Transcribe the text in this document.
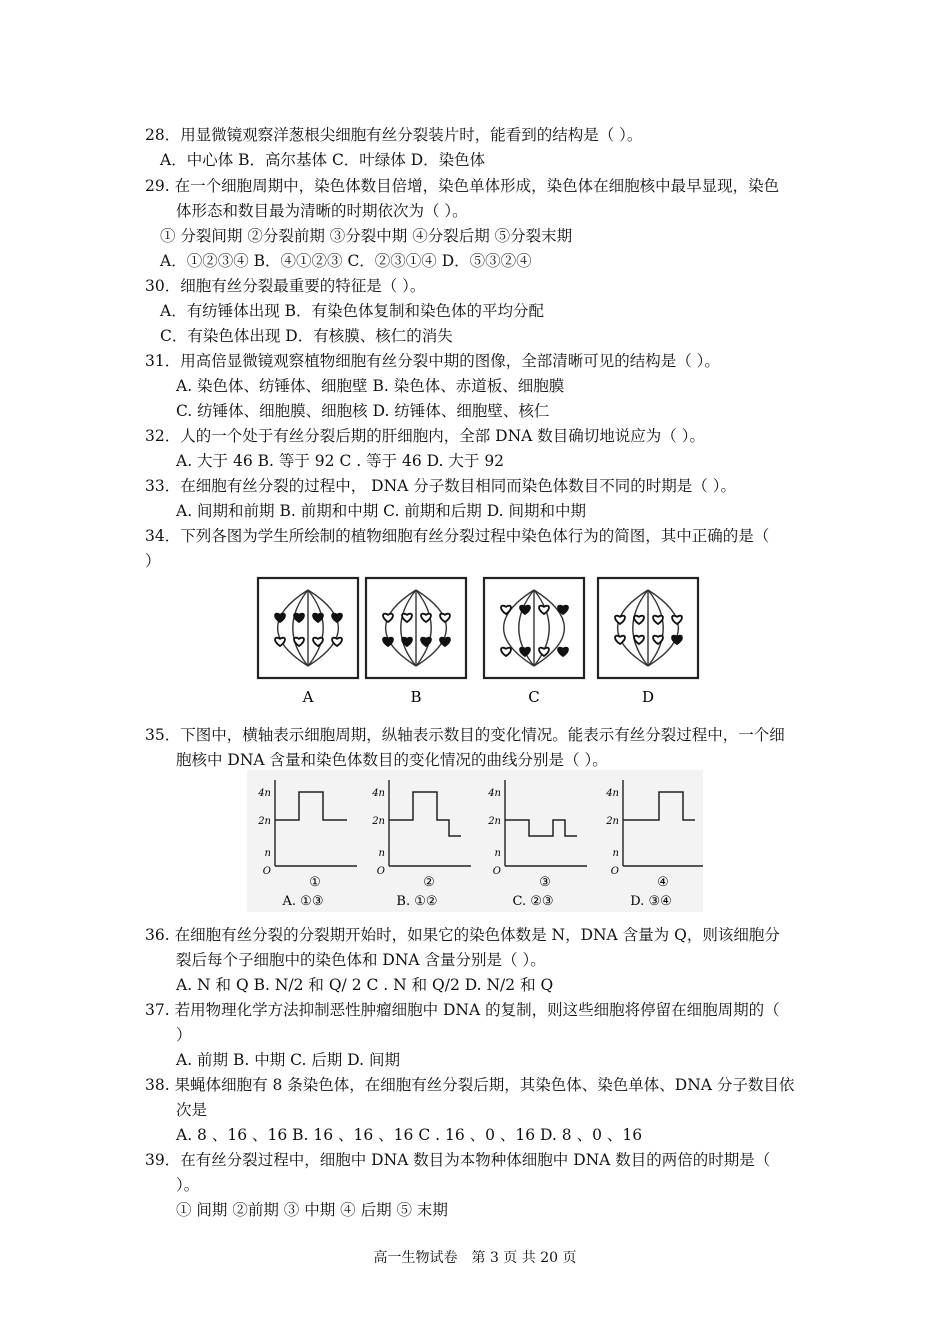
28．用显微镜观察洋葱根尖细胞有丝分裂装片时，能看到的结构是（ ）。
A．中心体 B．高尔基体 C．叶绿体 D．染色体
29. 在一个细胞周期中，染色体数目倍增，染色单体形成，染色体在细胞核中最早显现，染色
体形态和数目最为清晰的时期依次为（ ）。
① 分裂间期 ②分裂前期 ③分裂中期 ④分裂后期 ⑤分裂末期
A．①②③④ B．④①②③ C．②③①④ D．⑤③②④
30．细胞有丝分裂最重要的特征是（ ）。
A．有纺锤体出现 B．有染色体复制和染色体的平均分配
C．有染色体出现 D．有核膜、核仁的消失
31．用高倍显微镜观察植物细胞有丝分裂中期的图像，全部清晰可见的结构是（ ）。
A. 染色体、纺锤体、细胞壁 B. 染色体、赤道板、细胞膜
C. 纺锤体、细胞膜、细胞核 D. 纺锤体、细胞壁、核仁
32．人的一个处于有丝分裂后期的肝细胞内，全部 DNA 数目确切地说应为（ ）。
A. 大于 46 B. 等于 92 C . 等于 46 D. 大于 92
33．在细胞有丝分裂的过程中， DNA 分子数目相同而染色体数目不同的时期是（ ）。
A. 间期和前期 B. 前期和中期 C. 前期和后期 D. 间期和中期
34．下列各图为学生所绘制的植物细胞有丝分裂过程中染色体行为的简图，其中正确的是（
）
A	B	C	D
35．下图中，横轴表示细胞周期，纵轴表示数目的变化情况。能表示有丝分裂过程中，一个细
胞核中 DNA 含量和染色体数目的变化情况的曲线分别是（ ）。
4n
2n
n
O
①
A. ①③
4n
2n
n
O
②
B. ①②
4n
2n
n
O
③
C. ②③
4n
2n
n
O
④
D. ③④
36. 在细胞有丝分裂的分裂期开始时，如果它的染色体数是 N，DNA 含量为 Q，则该细胞分
裂后每个子细胞中的染色体和 DNA 含量分别是（ ）。
A. N 和 Q B. N/2 和 Q/ 2 C . N 和 Q/2 D. N/2 和 Q
37. 若用物理化学方法抑制恶性肿瘤细胞中 DNA 的复制，则这些细胞将停留在细胞周期的（
）
A. 前期 B. 中期 C. 后期 D. 间期
38. 果蝇体细胞有 8 条染色体，在细胞有丝分裂后期，其染色体、染色单体、DNA 分子数目依
次是
A. 8 、16 、16 B. 16 、16 、16 C . 16 、0 、16 D. 8 、0 、16
39．在有丝分裂过程中，细胞中 DNA 数目为本物种体细胞中 DNA 数目的两倍的时期是（
）。
① 间期 ②前期 ③ 中期 ④ 后期 ⑤ 末期
高一生物试卷　第 3 页 共 20 页
